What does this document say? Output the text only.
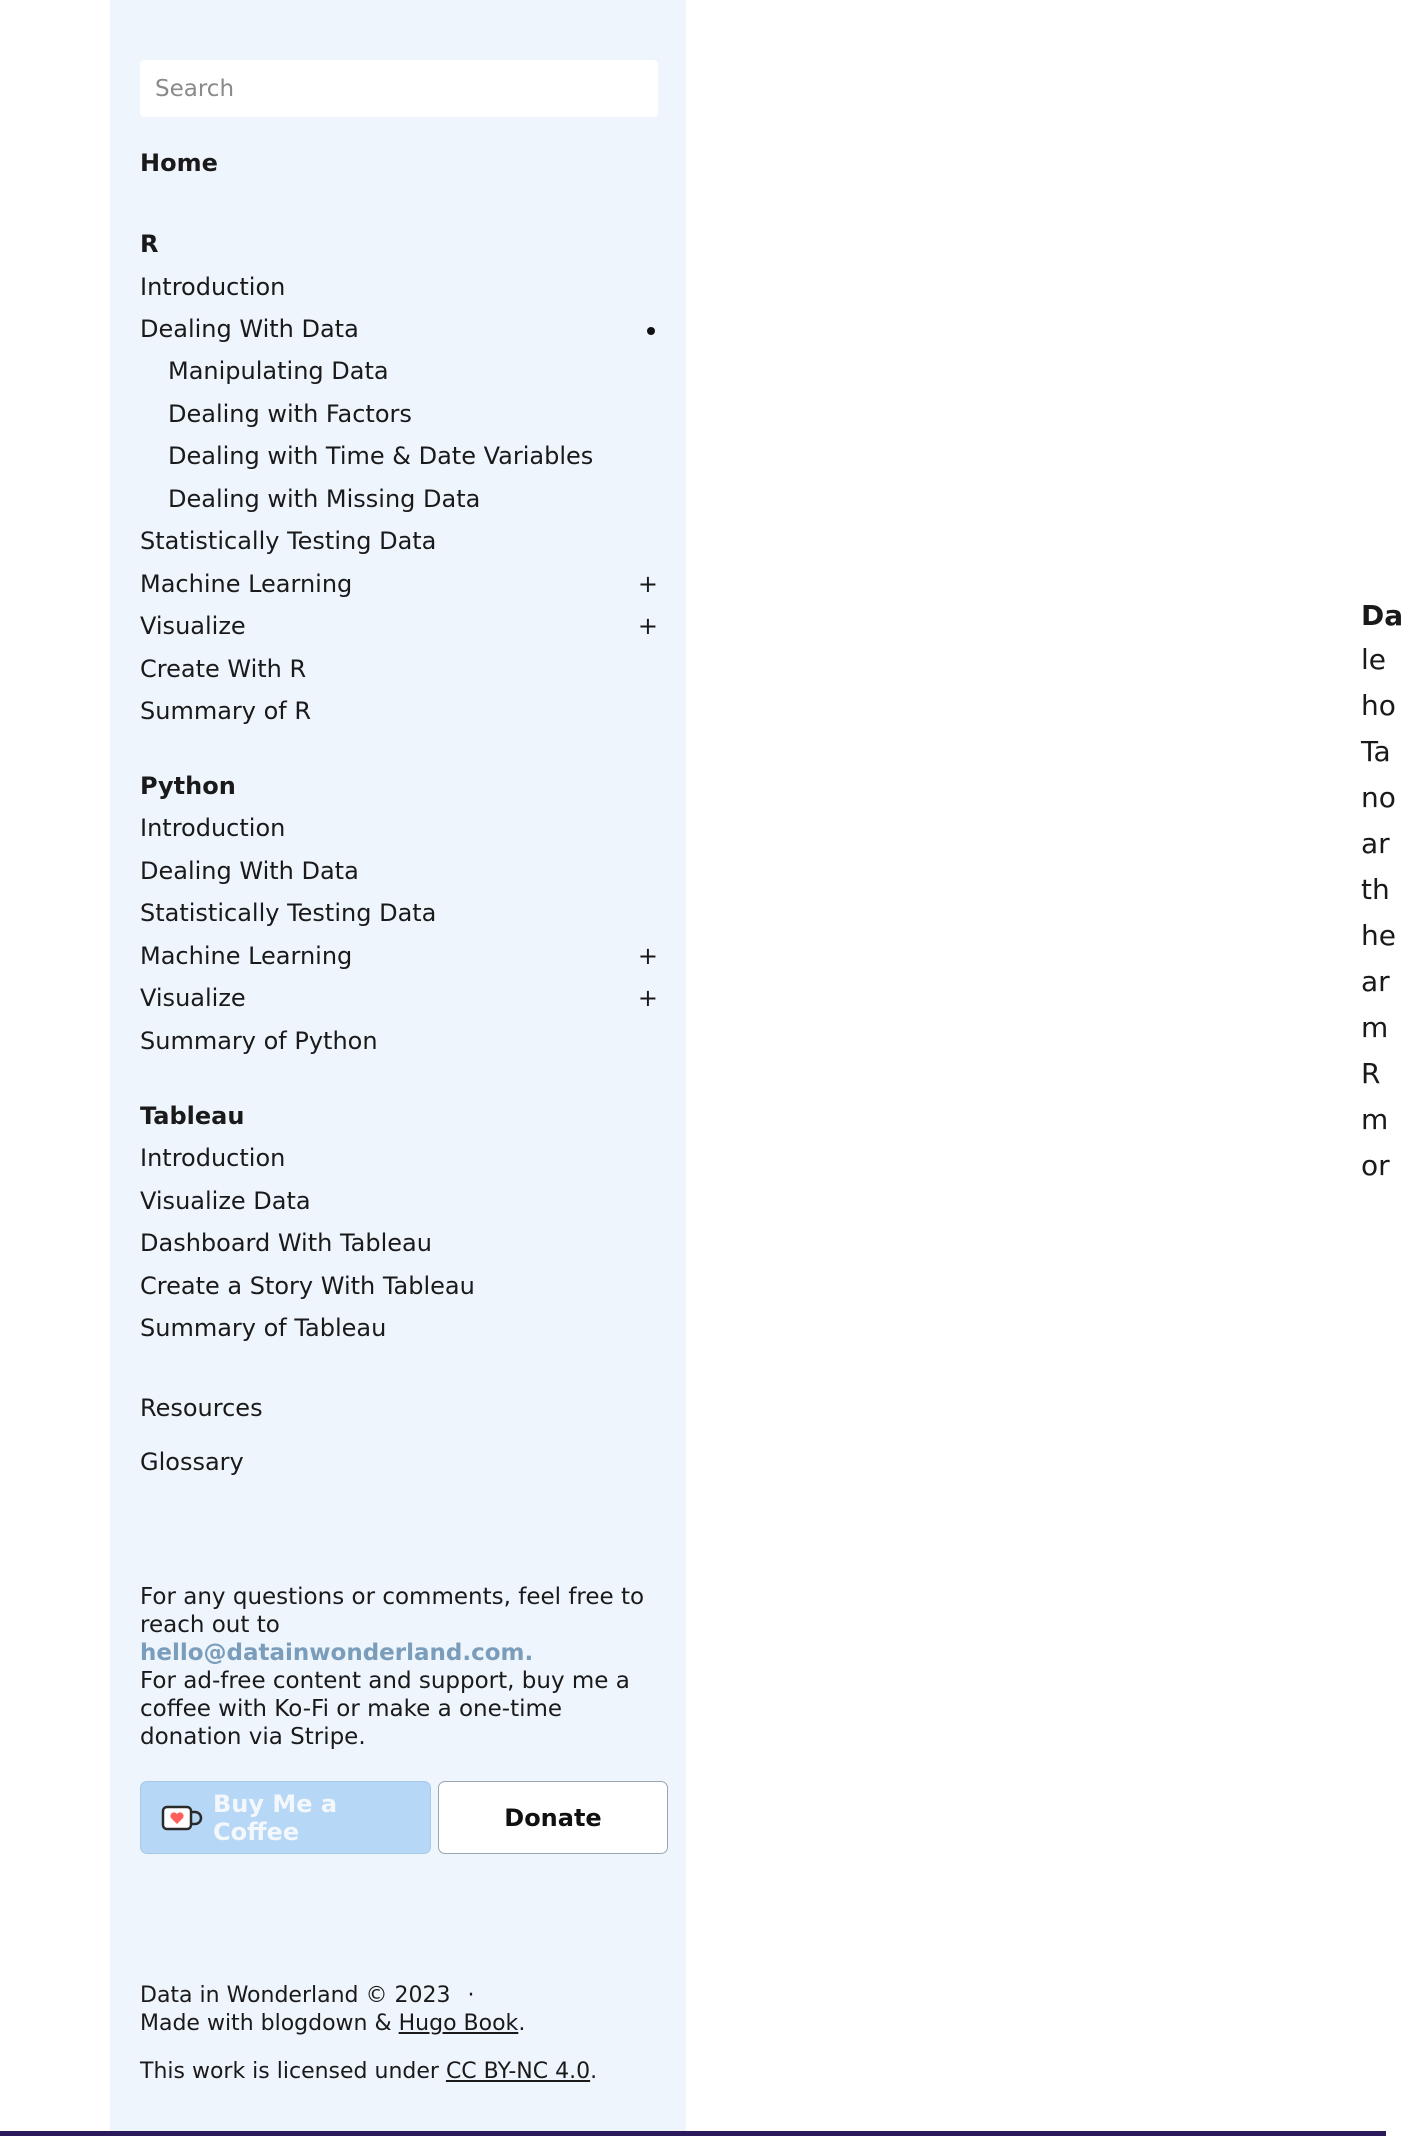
Search
Home
R
Introduction
Dealing With Data
Manipulating Data
Dealing with Factors
Dealing with Time & Date Variables
Dealing with Missing Data
Statistically Testing Data
Machine Learning	+
Visualize	+
Create With R
Summary of R
Python
Introduction
Dealing With Data
Statistically Testing Data
Machine Learning	+
Visualize	+
Summary of Python
Tableau
Introduction
Visualize Data
Dashboard With Tableau
Create a Story With Tableau
Summary of Tableau
Resources
Glossary
For any questions or comments, feel free to reach out to hello@datainwonderland.com.
For ad-free content and support, buy me a coffee with Ko-Fi or make a one-time donation via Stripe.
Buy Me a Coffee	Donate
Data in Wonderland © 2023 ·
Made with blogdown & Hugo Book.
This work is licensed under CC BY-NC 4.0.
Da
le
ho
Ta
no
ar
th
he
ar
m
R
m
or
